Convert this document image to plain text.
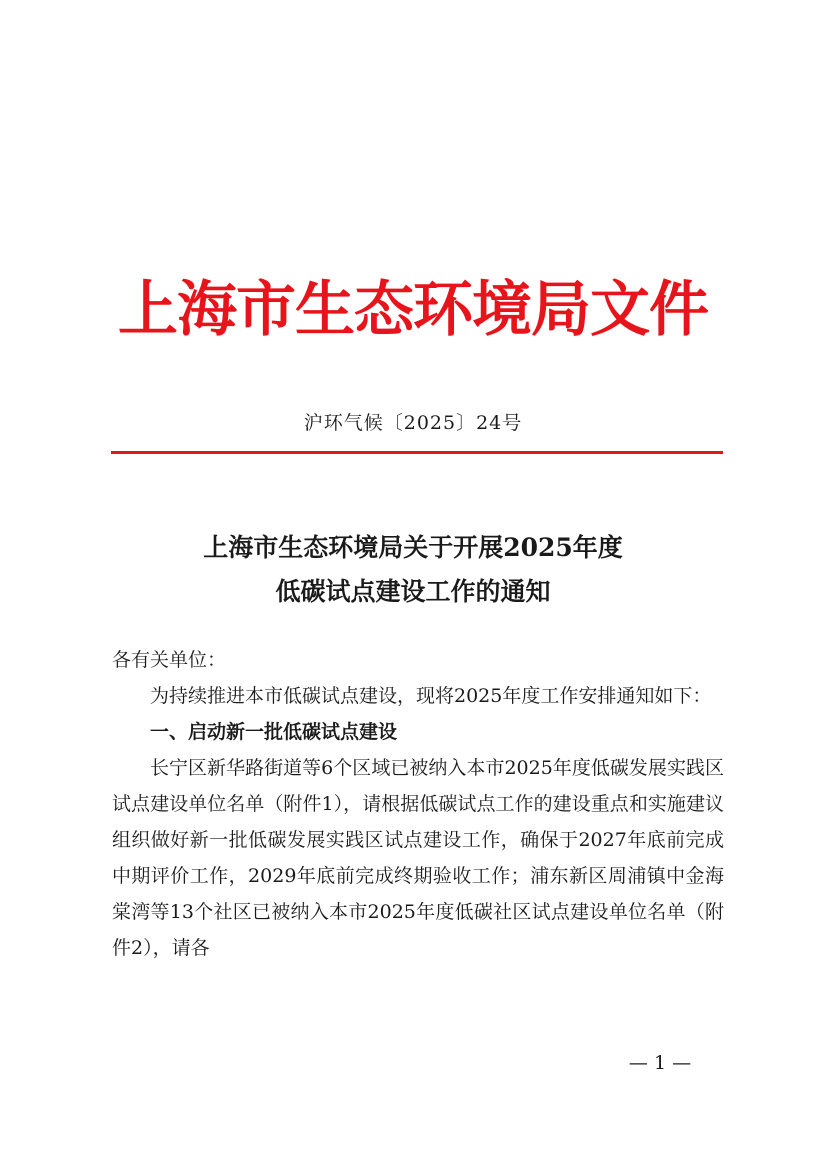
上海市生态环境局文件
沪环气候〔2025〕24号
上海市生态环境局关于开展2025年度
低碳试点建设工作的通知

各有关单位：

为持续推进本市低碳试点建设，现将2025年度工作安排通知如下：

一、启动新一批低碳试点建设

长宁区新华路街道等6个区域已被纳入本市2025年度低碳发展实践区试点建设单位名单（附件1），请根据低碳试点工作的建设重点和实施建议组织做好新一批低碳发展实践区试点建设工作，确保于2027年底前完成中期评价工作，2029年底前完成终期验收工作；浦东新区周浦镇中金海棠湾等13个社区已被纳入本市2025年度低碳社区试点建设单位名单（附件2），请各

— 1 —
